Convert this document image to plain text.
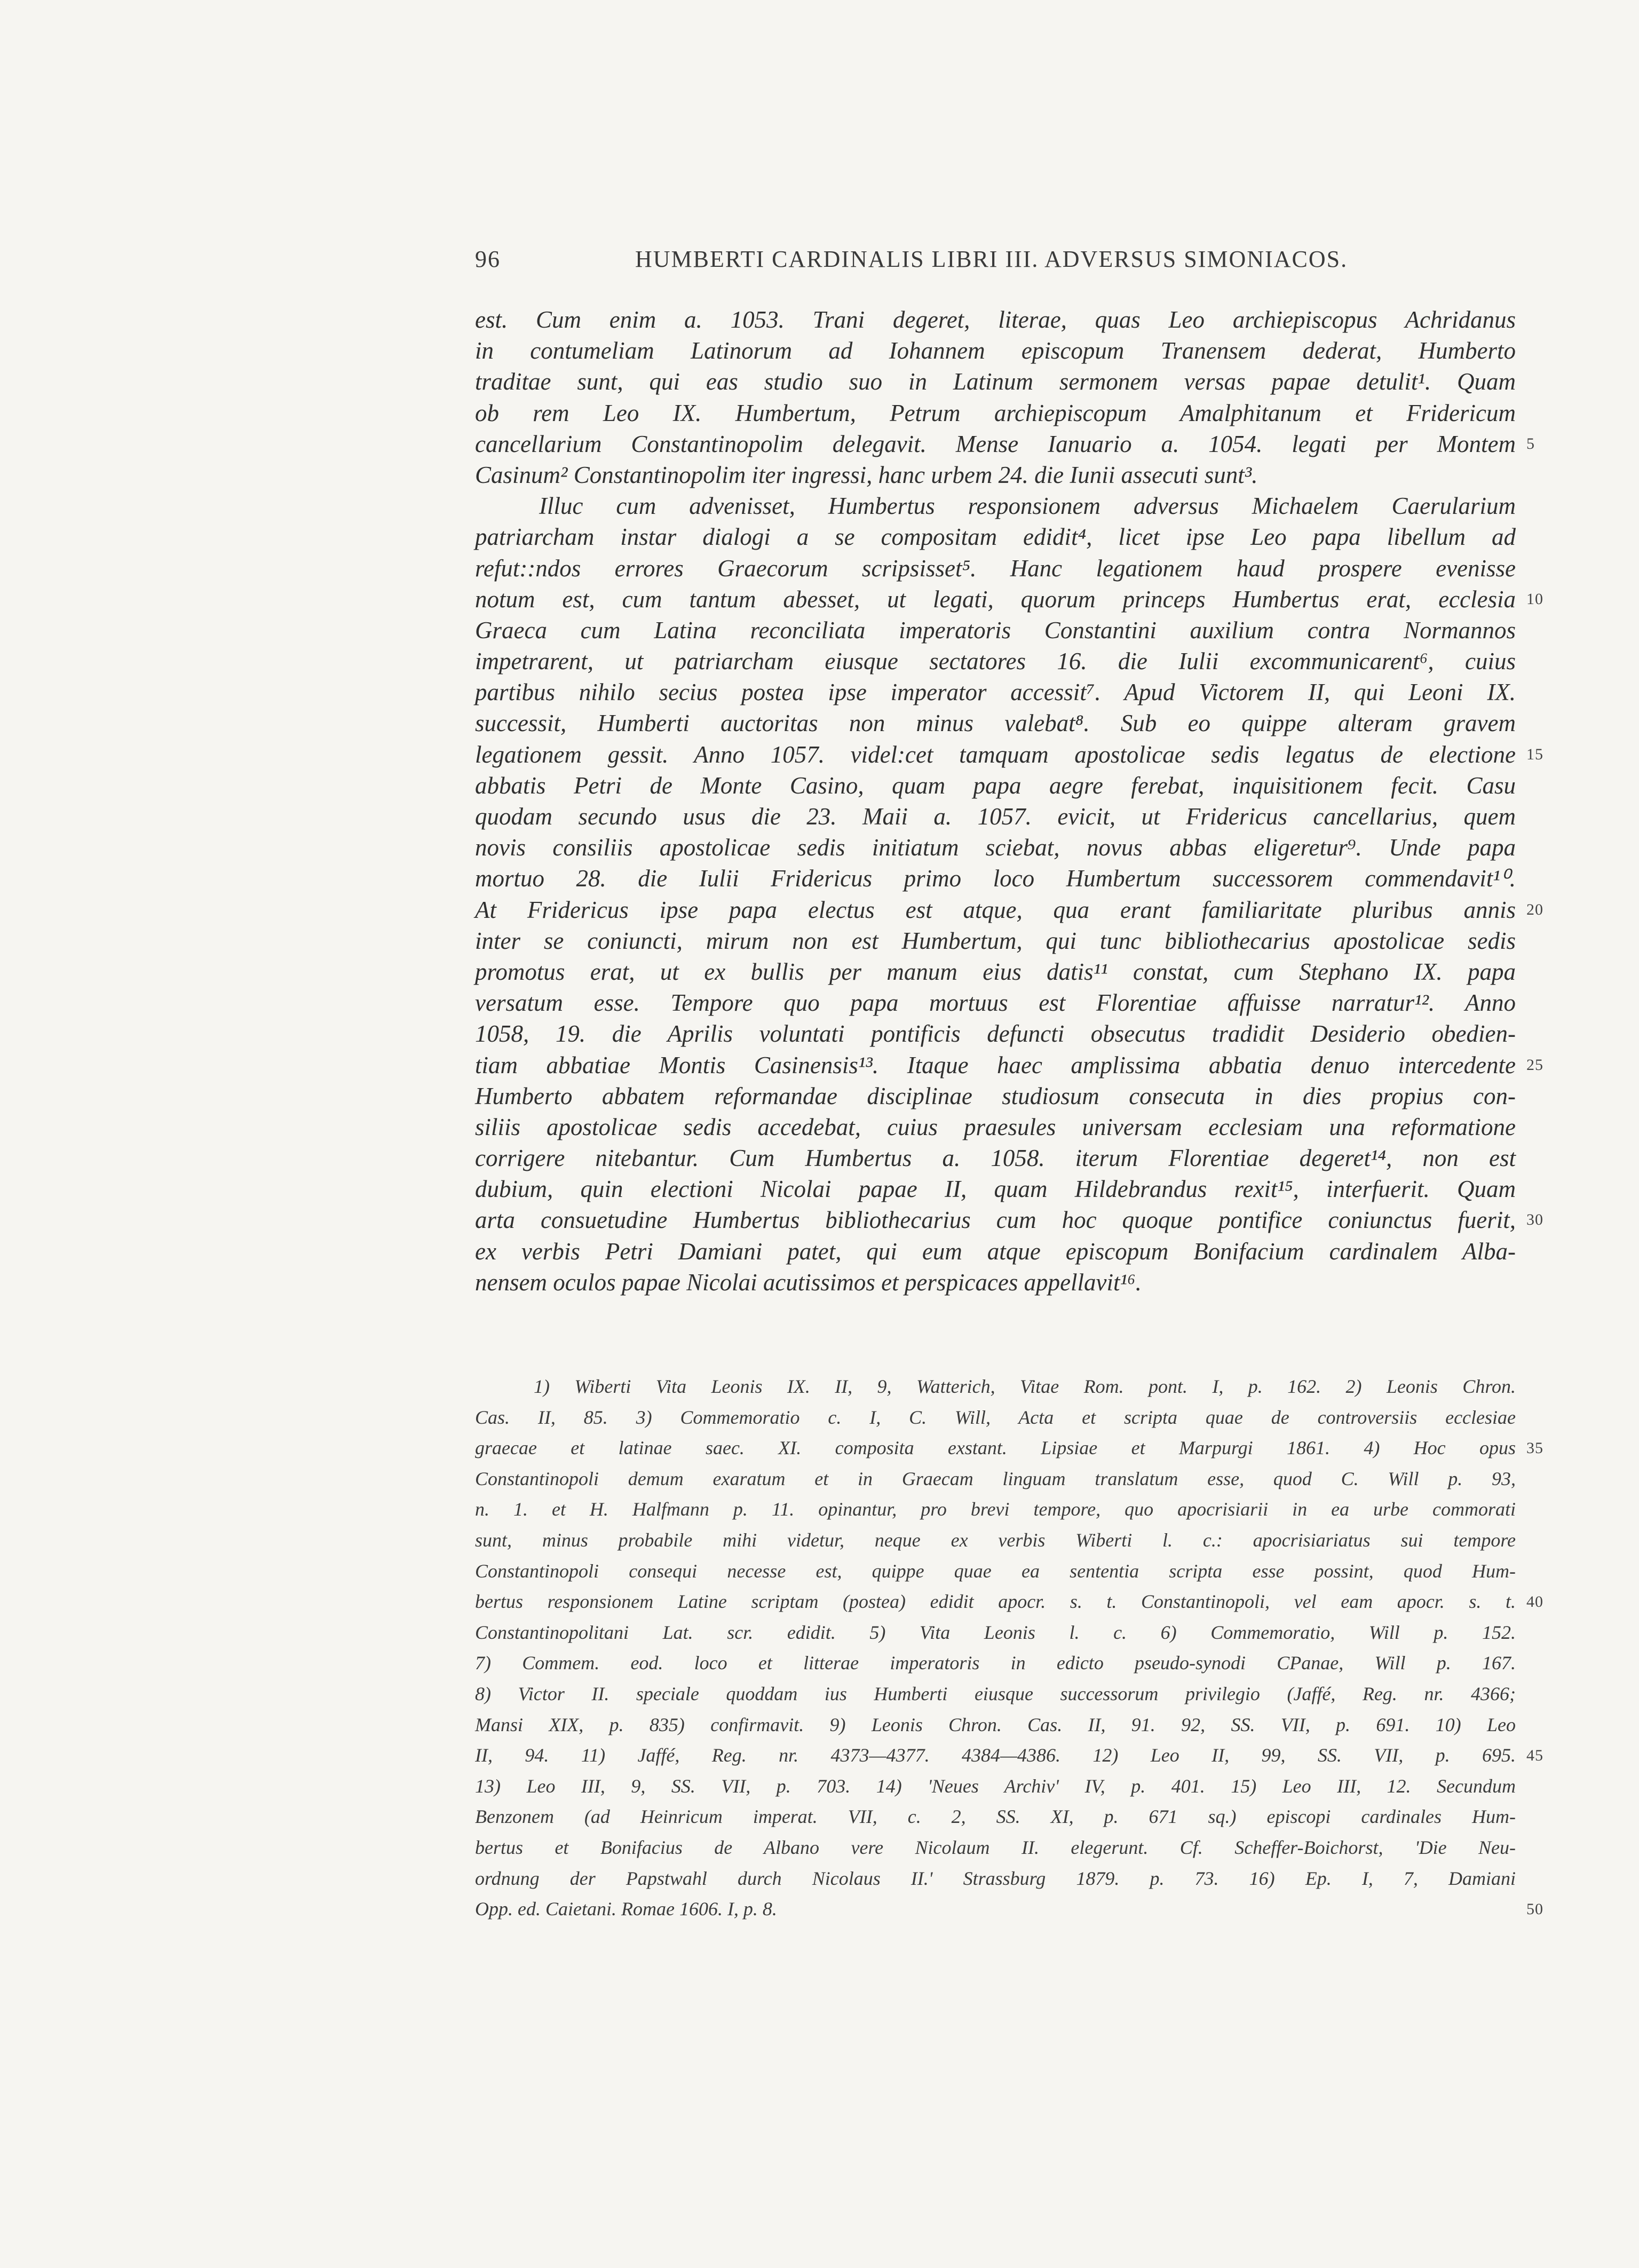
96	HUMBERTI CARDINALIS LIBRI III. ADVERSUS SIMONIACOS.
est. Cum enim a. 1053. Trani degeret, literae, quas Leo archiepiscopus Achridanus
in contumeliam Latinorum ad Iohannem episcopum Tranensem dederat, Humberto
traditae sunt, qui eas studio suo in Latinum sermonem versas papae detulit¹. Quam
ob rem Leo IX. Humbertum, Petrum archiepiscopum Amalphitanum et Fridericum
cancellarium Constantinopolim delegavit. Mense Ianuario a. 1054. legati per Montem 5
Casinum² Constantinopolim iter ingressi, hanc urbem 24. die Iunii assecuti sunt³.
Illuc cum advenisset, Humbertus responsionem adversus Michaelem Caerularium
patriarcham instar dialogi a se compositam edidit⁴, licet ipse Leo papa libellum ad
refut::ndos errores Graecorum scripsisset⁵. Hanc legationem haud prospere evenisse
notum est, cum tantum abesset, ut legati, quorum princeps Humbertus erat, ecclesia 10
Graeca cum Latina reconciliata imperatoris Constantini auxilium contra Normannos
impetrarent, ut patriarcham eiusque sectatores 16. die Iulii excommunicarent⁶, cuius
partibus nihilo secius postea ipse imperator accessit⁷. Apud Victorem II, qui Leoni IX.
successit, Humberti auctoritas non minus valebat⁸. Sub eo quippe alteram gravem
legationem gessit. Anno 1057. videl:cet tamquam apostolicae sedis legatus de electione 15
abbatis Petri de Monte Casino, quam papa aegre ferebat, inquisitionem fecit. Casu
quodam secundo usus die 23. Maii a. 1057. evicit, ut Fridericus cancellarius, quem
novis consiliis apostolicae sedis initiatum sciebat, novus abbas eligeretur⁹. Unde papa
mortuo 28. die Iulii Fridericus primo loco Humbertum successorem commendavit¹⁰.
At Fridericus ipse papa electus est atque, qua erant familiaritate pluribus annis 20
inter se coniuncti, mirum non est Humbertum, qui tunc bibliothecarius apostolicae sedis
promotus erat, ut ex bullis per manum eius datis¹¹ constat, cum Stephano IX. papa
versatum esse. Tempore quo papa mortuus est Florentiae affuisse narratur¹². Anno
1058, 19. die Aprilis voluntati pontificis defuncti obsecutus tradidit Desiderio obedien-
tiam abbatiae Montis Casinensis¹³. Itaque haec amplissima abbatia denuo intercedente 25
Humberto abbatem reformandae disciplinae studiosum consecuta in dies propius con-
siliis apostolicae sedis accedebat, cuius praesules universam ecclesiam una reformatione
corrigere nitebantur. Cum Humbertus a. 1058. iterum Florentiae degeret¹⁴, non est
dubium, quin electioni Nicolai papae II, quam Hildebrandus rexit¹⁵, interfuerit. Quam
arta consuetudine Humbertus bibliothecarius cum hoc quoque pontifice coniunctus fuerit, 30
ex verbis Petri Damiani patet, qui eum atque episcopum Bonifacium cardinalem Alba-
nensem oculos papae Nicolai acutissimos et perspicaces appellavit¹⁶.
1) Wiberti Vita Leonis IX. II, 9, Watterich, Vitae Rom. pont. I, p. 162. 2) Leonis Chron.
Cas. II, 85. 3) Commemoratio c. I, C. Will, Acta et scripta quae de controversiis ecclesiae
graecae et latinae saec. XI. composita exstant. Lipsiae et Marpurgi 1861. 4) Hoc opus 35
Constantinopoli demum exaratum et in Graecam linguam translatum esse, quod C. Will p. 93,
n. 1. et H. Halfmann p. 11. opinantur, pro brevi tempore, quo apocrisiarii in ea urbe commorati
sunt, minus probabile mihi videtur, neque ex verbis Wiberti l. c.: apocrisiariatus sui tempore
Constantinopoli consequi necesse est, quippe quae ea sententia scripta esse possint, quod Hum-
bertus responsionem Latine scriptam (postea) edidit apocr. s. t. Constantinopoli, vel eam apocr. s. t. 40
Constantinopolitani Lat. scr. edidit. 5) Vita Leonis l. c. 6) Commemoratio, Will p. 152.
7) Commem. eod. loco et litterae imperatoris in edicto pseudo-synodi CPanae, Will p. 167.
8) Victor II. speciale quoddam ius Humberti eiusque successorum privilegio (Jaffé, Reg. nr. 4366;
Mansi XIX, p. 835) confirmavit. 9) Leonis Chron. Cas. II, 91. 92, SS. VII, p. 691. 10) Leo
II, 94. 11) Jaffé, Reg. nr. 4373—4377. 4384—4386. 12) Leo II, 99, SS. VII, p. 695. 45
13) Leo III, 9, SS. VII, p. 703. 14) 'Neues Archiv' IV, p. 401. 15) Leo III, 12. Secundum
Benzonem (ad Heinricum imperat. VII, c. 2, SS. XI, p. 671 sq.) episcopi cardinales Hum-
bertus et Bonifacius de Albano vere Nicolaum II. elegerunt. Cf. Scheffer-Boichorst, 'Die Neu-
ordnung der Papstwahl durch Nicolaus II.' Strassburg 1879. p. 73. 16) Ep. I, 7, Damiani
Opp. ed. Caietani. Romae 1606. I, p. 8.	50
